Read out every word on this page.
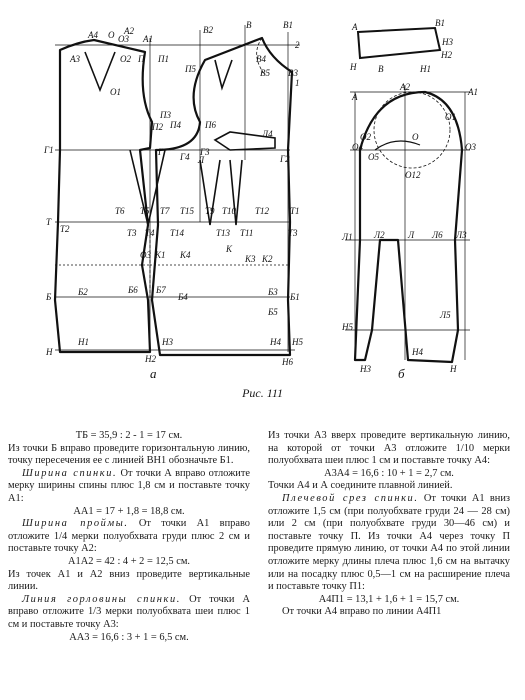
А4 О О3
А2
А1
В2	В	В1
А3	О2 П П1
П5
В4
В5 В3
2
1
О1
П3
П2 П4	П6
Л4
Г1	Г Г4 Г3
Г2
Л
Т
Т2
Т6 Т5 Т7 Т15 Т9 Т10 Т12 Т1
Т3 Т4 Т14	Т13 Т11	Т3
О3 К1 К4
К
К3 К2
Б	Б2	Б6 Б7
Б4	Б3 Б1
Б5
Н
Н1
Н2
Н3	Н4 Н5
Н6
а
А	В1
Н3
Н2
Н В	Н1
А2	А1
А
О4
О2
О1
О
О3
О5
О12
Л1 Л2	Л Л6 Л3
Л5
Н5
Н4
Н3	Н
б
Рис. 111

ТБ = 35,9 : 2 - 1 = 17 см.

Из точки Б вправо проведите горизонтальную линию, точку пересечения ее с линией ВН1 обозначьте Б1.

Ширина спинки. От точки А вправо отложите мерку ширины спины плюс 1,8 см и поставьте точку А1:

АА1 = 17 + 1,8 = 18,8 см.

Ширина проймы. От точки А1 вправо отложите 1/4 мерки полуобхвата груди плюс 2 см и поставьте точку А2:

А1А2 = 42 : 4 + 2 = 12,5 см.

Из точек А1 и А2 вниз проведите вертикальные линии.

Линия горловины спинки. От точки А вправо отложите 1/3 мерки полуобхвата шеи плюс 1 см и поставьте точку А3:

АА3 = 16,6 : 3 + 1 = 6,5 см.

Из точки А3 вверх проведите вертикальную линию, на которой от точки А3 отложите 1/10 мерки полуобхвата шеи плюс 1 см и поставьте точку А4:

А3А4 = 16,6 : 10 + 1 = 2,7 см.

Точки А4 и А соедините плавной линией.

Плечевой срез спинки. От точки А1 вниз отложите 1,5 см (при полуобхвате груди 24 — 28 см) или 2 см (при полуобхвате груди 30—46 см) и поставьте точку П. Из точки А4 через точку П проведите прямую линию, от точки А4 по этой линии отложите мерку длины плеча плюс 1,6 см на вытачку или на посадку плюс 0,5—1 см на расширение плеча и поставьте точку П1:

А4П1 = 13,1 + 1,6 + 1 = 15,7 см.

От точки А4 вправо по линии А4П1
